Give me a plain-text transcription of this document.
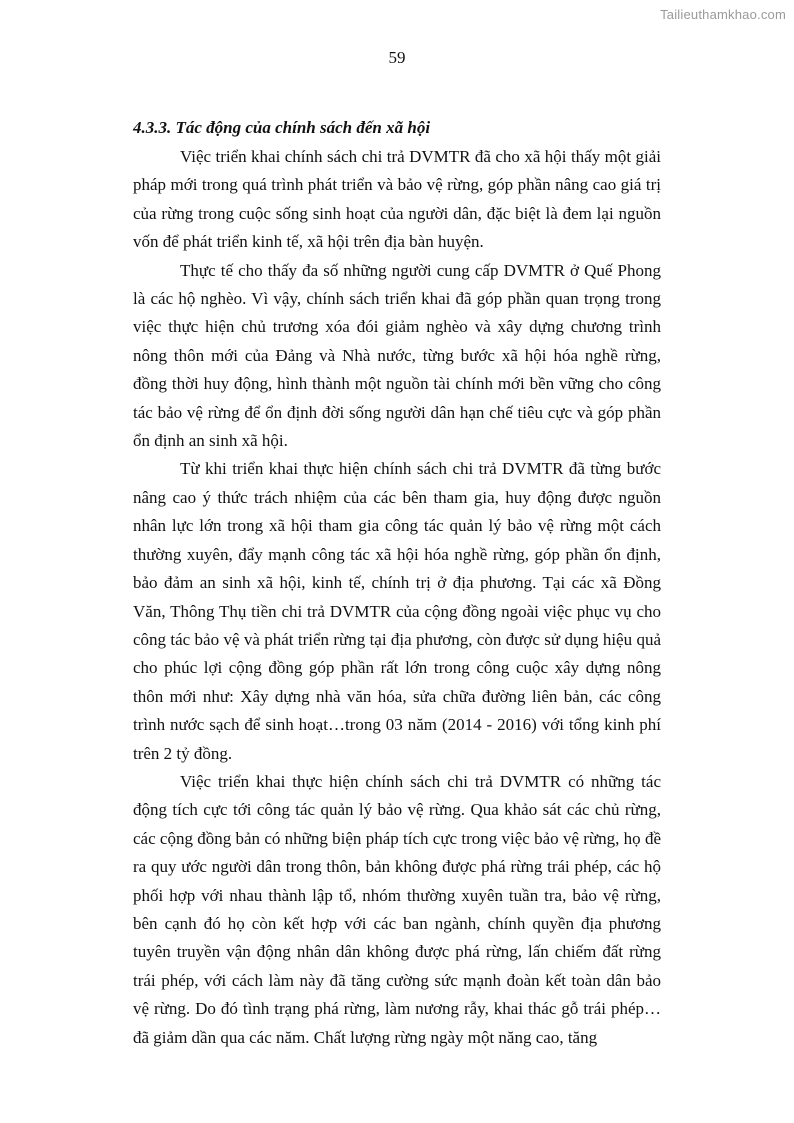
Tailieuthamkhao.com
59

4.3.3. Tác động của chính sách đến xã hội

Việc triển khai chính sách chi trả DVMTR đã cho xã hội thấy một giải pháp mới trong quá trình phát triển và bảo vệ rừng, góp phần nâng cao giá trị của rừng trong cuộc sống sinh hoạt của người dân, đặc biệt là đem lại nguồn vốn để phát triển kinh tế, xã hội trên địa bàn huyện.

Thực tế cho thấy đa số những người cung cấp DVMTR ở Quế Phong là các hộ nghèo. Vì vậy, chính sách triển khai đã góp phần quan trọng trong việc thực hiện chủ trương xóa đói giảm nghèo và xây dựng chương trình nông thôn mới của Đảng và Nhà nước, từng bước xã hội hóa nghề rừng, đồng thời huy động, hình thành một nguồn tài chính mới bền vững cho công tác bảo vệ rừng để ổn định đời sống người dân hạn chế tiêu cực và góp phần ổn định an sinh xã hội.

Từ khi triển khai thực hiện chính sách chi trả DVMTR đã từng bước nâng cao ý thức trách nhiệm của các bên tham gia, huy động được nguồn nhân lực lớn trong xã hội tham gia công tác quản lý bảo vệ rừng một cách thường xuyên, đẩy mạnh công tác xã hội hóa nghề rừng, góp phần ổn định, bảo đảm an sinh xã hội, kinh tế, chính trị ở địa phương. Tại các xã Đồng Văn, Thông Thụ tiền chi trả DVMTR của cộng đồng ngoài việc phục vụ cho công tác bảo vệ và phát triển rừng tại địa phương, còn được sử dụng hiệu quả cho phúc lợi cộng đồng góp phần rất lớn trong công cuộc xây dựng nông thôn mới như: Xây dựng nhà văn hóa, sửa chữa đường liên bản, các công trình nước sạch để sinh hoạt…trong 03 năm (2014 - 2016) với tổng kinh phí trên 2 tỷ đồng.

Việc triển khai thực hiện chính sách chi trả DVMTR có những tác động tích cực tới công tác quản lý bảo vệ rừng. Qua khảo sát các chủ rừng, các cộng đồng bản có những biện pháp tích cực trong việc bảo vệ rừng, họ đề ra quy ước người dân trong thôn, bản không được phá rừng trái phép, các hộ phối hợp với nhau thành lập tổ, nhóm thường xuyên tuần tra, bảo vệ rừng, bên cạnh đó họ còn kết hợp với các ban ngành, chính quyền địa phương tuyên truyền vận động nhân dân không được phá rừng, lấn chiếm đất rừng trái phép, với cách làm này đã tăng cường sức mạnh đoàn kết toàn dân bảo vệ rừng. Do đó tình trạng phá rừng, làm nương rẫy, khai thác gỗ trái phép…đã giảm dần qua các năm. Chất lượng rừng ngày một năng cao, tăng
